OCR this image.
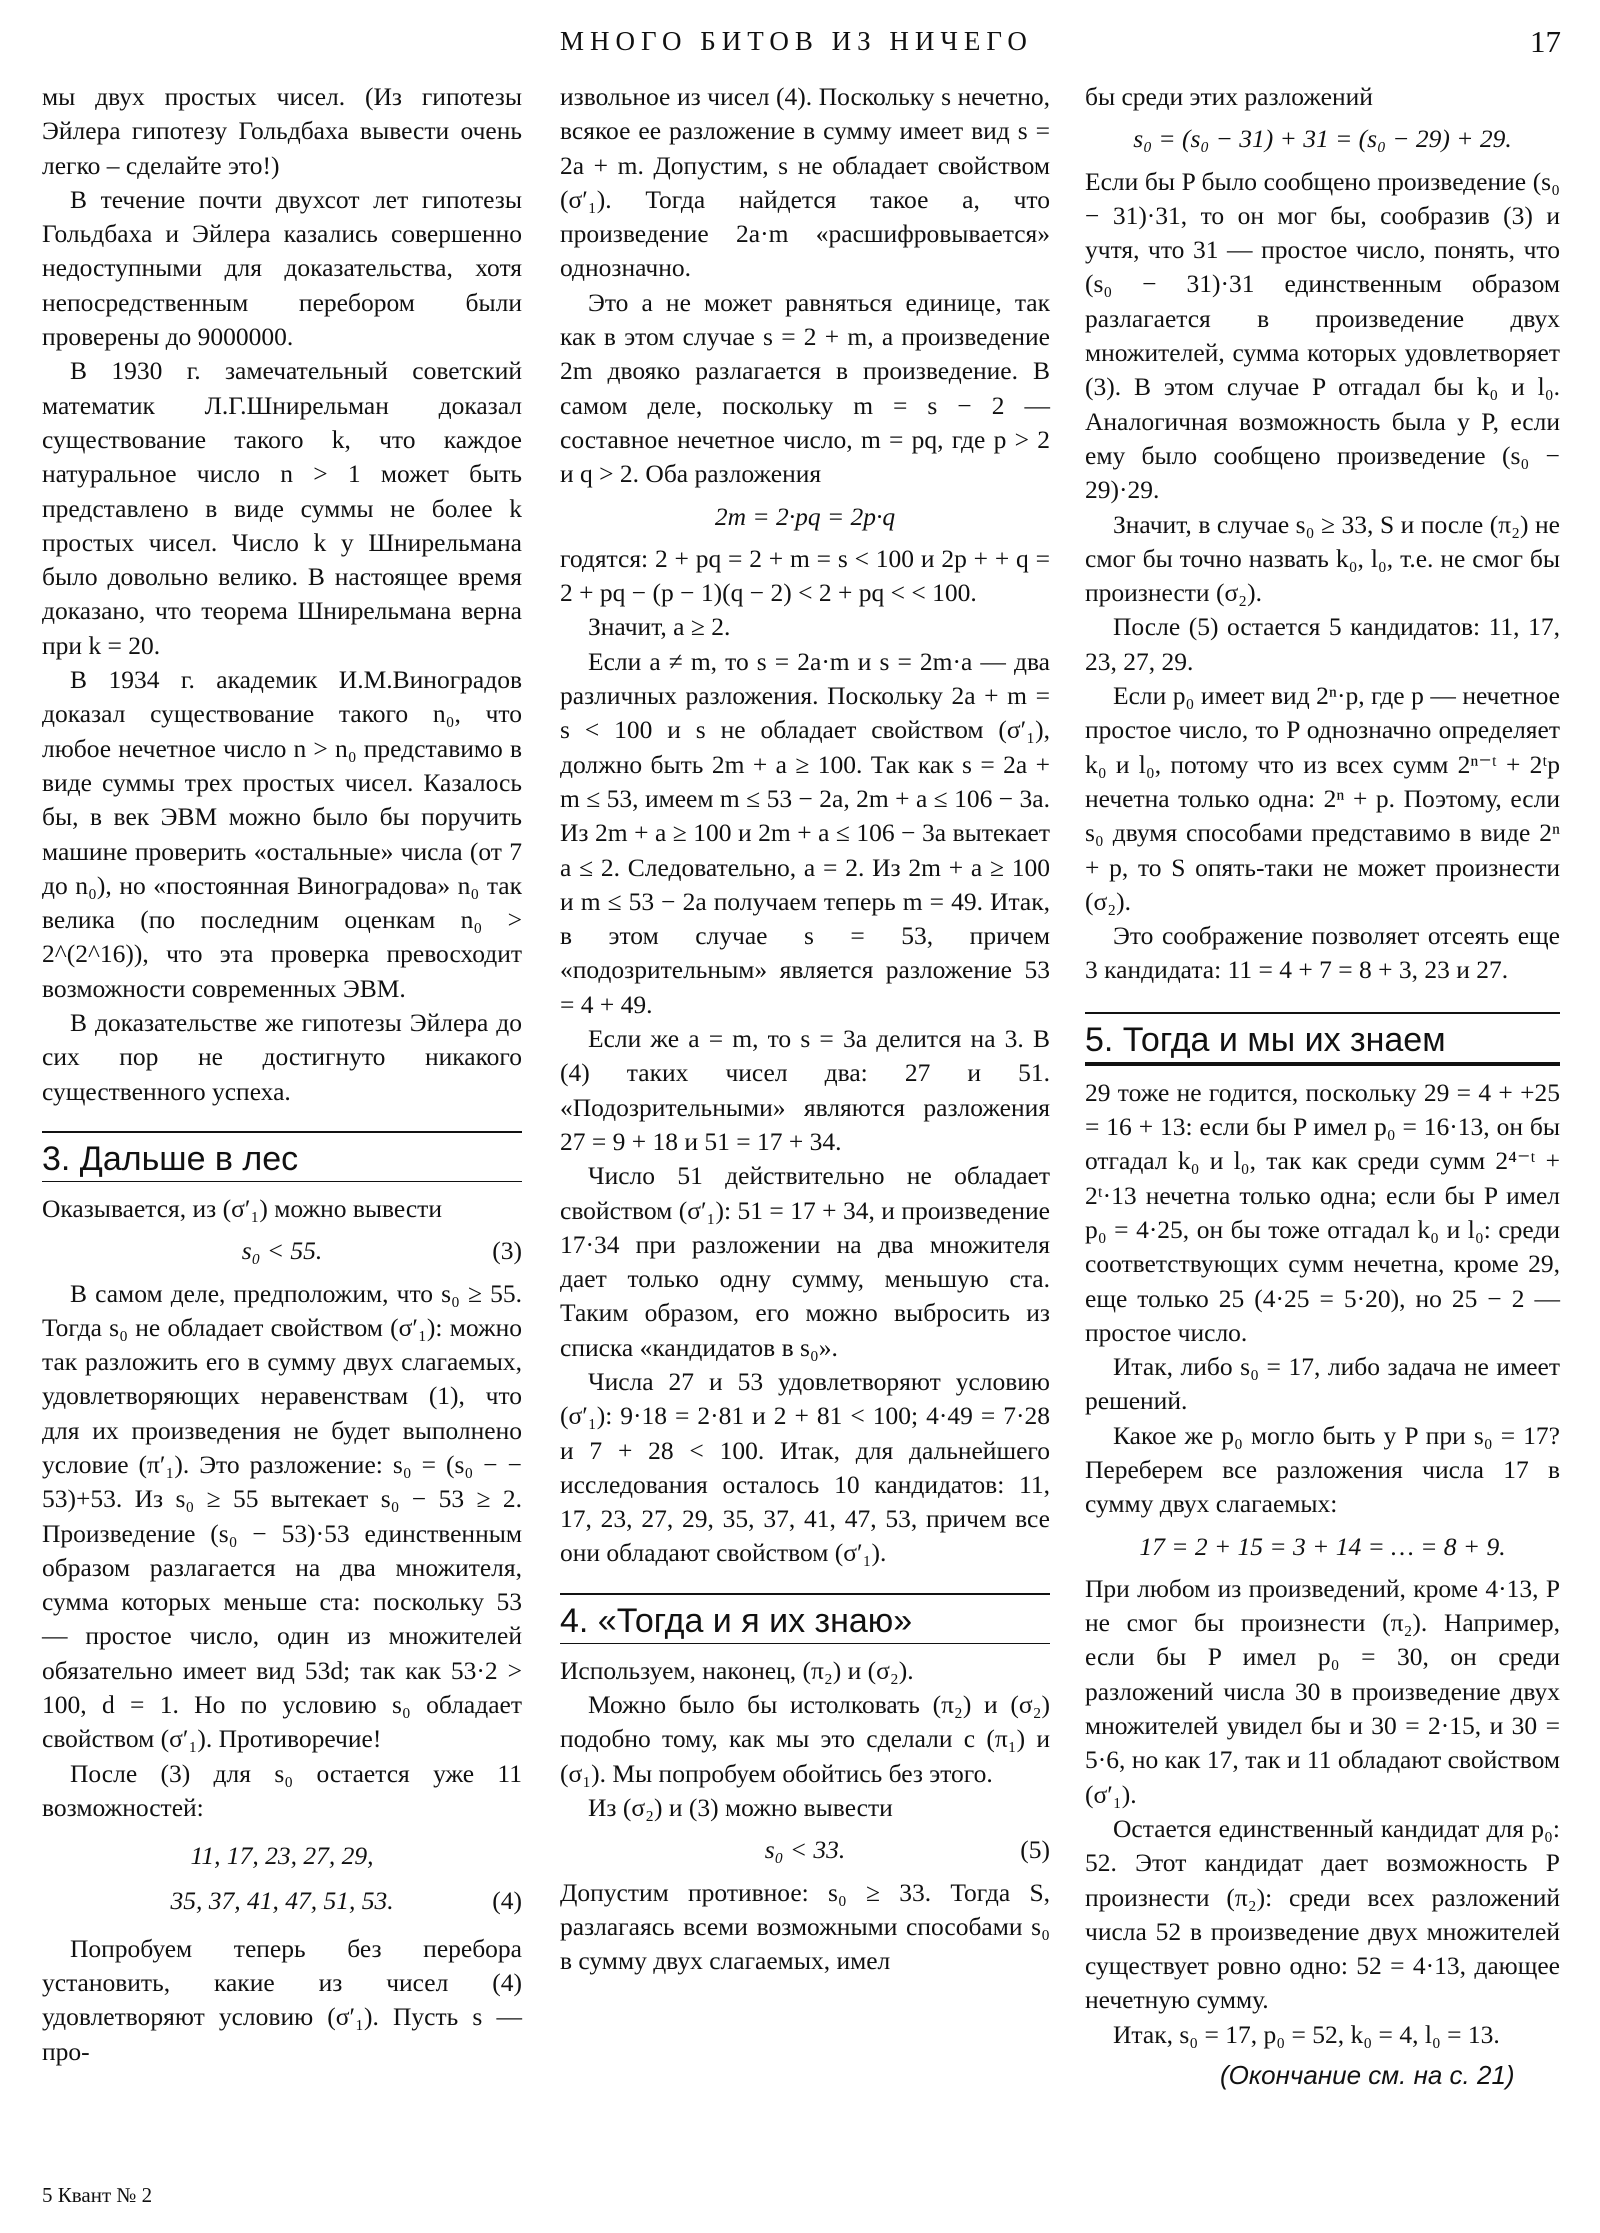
МНОГО БИТОВ ИЗ НИЧЕГО	17

мы двух простых чисел. (Из гипотезы Эйлера гипотезу Гольдбаха вывести очень легко – сделайте это!)

В течение почти двухсот лет гипотезы Гольдбаха и Эйлера казались совершенно недоступными для доказательства, хотя непосредственным перебором были проверены до 9000000.

В 1930 г. замечательный советский математик Л.Г.Шнирельман доказал существование такого k, что каждое натуральное число n > 1 может быть представлено в виде суммы не более k простых чисел. Число k у Шнирельмана было довольно велико. В настоящее время доказано, что теорема Шнирельмана верна при k = 20.

В 1934 г. академик И.М.Виноградов доказал существование такого n₀, что любое нечетное число n > n₀ представимо в виде суммы трех простых чисел. Казалось бы, в век ЭВМ можно было бы поручить машине проверить «остальные» числа (от 7 до n₀), но «постоянная Виноградова» n₀ так велика (по последним оценкам n₀ > 2^(2^16)), что эта проверка превосходит возможности современных ЭВМ.

В доказательстве же гипотезы Эйлера до сих пор не достигнуто никакого существенного успеха.

3. Дальше в лес

Оказывается, из (σ′₁) можно вывести

s₀ < 55.	(3)

В самом деле, предположим, что s₀ ≥ 55. Тогда s₀ не обладает свойством (σ′₁): можно так разложить его в сумму двух слагаемых, удовлетворяющих неравенствам (1), что для их произведения не будет выполнено условие (π′₁). Это разложение: s₀ = (s₀ − − 53)+53. Из s₀ ≥ 55 вытекает s₀ − 53 ≥ 2. Произведение (s₀ − 53)·53 единственным образом разлагается на два множителя, сумма которых меньше ста: поскольку 53 — простое число, один из множителей обязательно имеет вид 53d; так как 53·2 > 100, d = 1. Но по условию s₀ обладает свойством (σ′₁). Противоречие!

После (3) для s₀ остается уже 11 возможностей:

11, 17, 23, 27, 29,

35, 37, 41, 47, 51, 53.	(4)

Попробуем теперь без перебора установить, какие из чисел (4) удовлетворяют условию (σ′₁). Пусть s — про-

извольное из чисел (4). Поскольку s нечетно, всякое ее разложение в сумму имеет вид s = 2a + m. Допустим, s не обладает свойством (σ′₁). Тогда найдется такое a, что произведение 2a·m «расшифровывается» однозначно.

Это a не может равняться единице, так как в этом случае s = 2 + m, а произведение 2m двояко разлагается в произведение. В самом деле, поскольку m = s − 2 — составное нечетное число, m = pq, где p > 2 и q > 2. Оба разложения

2m = 2·pq = 2p·q

годятся: 2 + pq = 2 + m = s < 100 и 2p + + q = 2 + pq − (p − 1)(q − 2) < 2 + pq < < 100.

Значит, a ≥ 2.

Если a ≠ m, то s = 2a·m и s = 2m·a — два различных разложения. Поскольку 2a + m = s < 100 и s не обладает свойством (σ′₁), должно быть 2m + a ≥ 100. Так как s = 2a + m ≤ 53, имеем m ≤ 53 − 2a, 2m + a ≤ 106 − 3a. Из 2m + a ≥ 100 и 2m + a ≤ 106 − 3a вытекает a ≤ 2. Следовательно, a = 2. Из 2m + a ≥ 100 и m ≤ 53 − 2a получаем теперь m = 49. Итак, в этом случае s = 53, причем «подозрительным» является разложение 53 = 4 + 49.

Если же a = m, то s = 3a делится на 3. В (4) таких чисел два: 27 и 51. «Подозрительными» являются разложения 27 = 9 + 18 и 51 = 17 + 34.

Число 51 действительно не обладает свойством (σ′₁): 51 = 17 + 34, и произведение 17·34 при разложении на два множителя дает только одну сумму, меньшую ста. Таким образом, его можно выбросить из списка «кандидатов в s₀».

Числа 27 и 53 удовлетворяют условию (σ′₁): 9·18 = 2·81 и 2 + 81 < 100; 4·49 = 7·28 и 7 + 28 < 100. Итак, для дальнейшего исследования осталось 10 кандидатов: 11, 17, 23, 27, 29, 35, 37, 41, 47, 53, причем все они обладают свойством (σ′₁).

4. «Тогда и я их знаю»

Используем, наконец, (π₂) и (σ₂).

Можно было бы истолковать (π₂) и (σ₂) подобно тому, как мы это сделали с (π₁) и (σ₁). Мы попробуем обойтись без этого.

Из (σ₂) и (3) можно вывести

s₀ < 33.	(5)

Допустим противное: s₀ ≥ 33. Тогда S, разлагаясь всеми возможными способами s₀ в сумму двух слагаемых, имел

бы среди этих разложений

s₀ = (s₀ − 31) + 31 = (s₀ − 29) + 29.

Если бы P было сообщено произведение (s₀ − 31)·31, то он мог бы, сообразив (3) и учтя, что 31 — простое число, понять, что (s₀ − 31)·31 единственным образом разлагается в произведение двух множителей, сумма которых удовлетворяет (3). В этом случае P отгадал бы k₀ и l₀. Аналогичная возможность была у P, если ему было сообщено произведение (s₀ − 29)·29.

Значит, в случае s₀ ≥ 33, S и после (π₂) не смог бы точно назвать k₀, l₀, т.е. не смог бы произнести (σ₂).

После (5) остается 5 кандидатов: 11, 17, 23, 27, 29.

Если p₀ имеет вид 2ⁿ·p, где p — нечетное простое число, то P однозначно определяет k₀ и l₀, потому что из всех сумм 2ⁿ⁻ᵗ + 2ᵗp нечетна только одна: 2ⁿ + p. Поэтому, если s₀ двумя способами представимо в виде 2ⁿ + p, то S опять-таки не может произнести (σ₂).

Это соображение позволяет отсеять еще 3 кандидата: 11 = 4 + 7 = 8 + 3, 23 и 27.

5. Тогда и мы их знаем

29 тоже не годится, поскольку 29 = 4 + +25 = 16 + 13: если бы P имел p₀ = 16·13, он бы отгадал k₀ и l₀, так как среди сумм 2⁴⁻ᵗ + 2ᵗ·13 нечетна только одна; если бы P имел p₀ = 4·25, он бы тоже отгадал k₀ и l₀: среди соответствующих сумм нечетна, кроме 29, еще только 25 (4·25 = 5·20), но 25 − 2 — простое число.

Итак, либо s₀ = 17, либо задача не имеет решений.

Какое же p₀ могло быть у P при s₀ = 17? Переберем все разложения числа 17 в сумму двух слагаемых:

17 = 2 + 15 = 3 + 14 = … = 8 + 9.

При любом из произведений, кроме 4·13, P не смог бы произнести (π₂). Например, если бы P имел p₀ = 30, он среди разложений числа 30 в произведение двух множителей увидел бы и 30 = 2·15, и 30 = 5·6, но как 17, так и 11 обладают свойством (σ′₁).

Остается единственный кандидат для p₀: 52. Этот кандидат дает возможность P произнести (π₂): среди всех разложений числа 52 в произведение двух множителей существует ровно одно: 52 = 4·13, дающее нечетную сумму.

Итак, s₀ = 17, p₀ = 52, k₀ = 4, l₀ = 13.

(Окончание см. на с. 21)
5 Квант № 2
